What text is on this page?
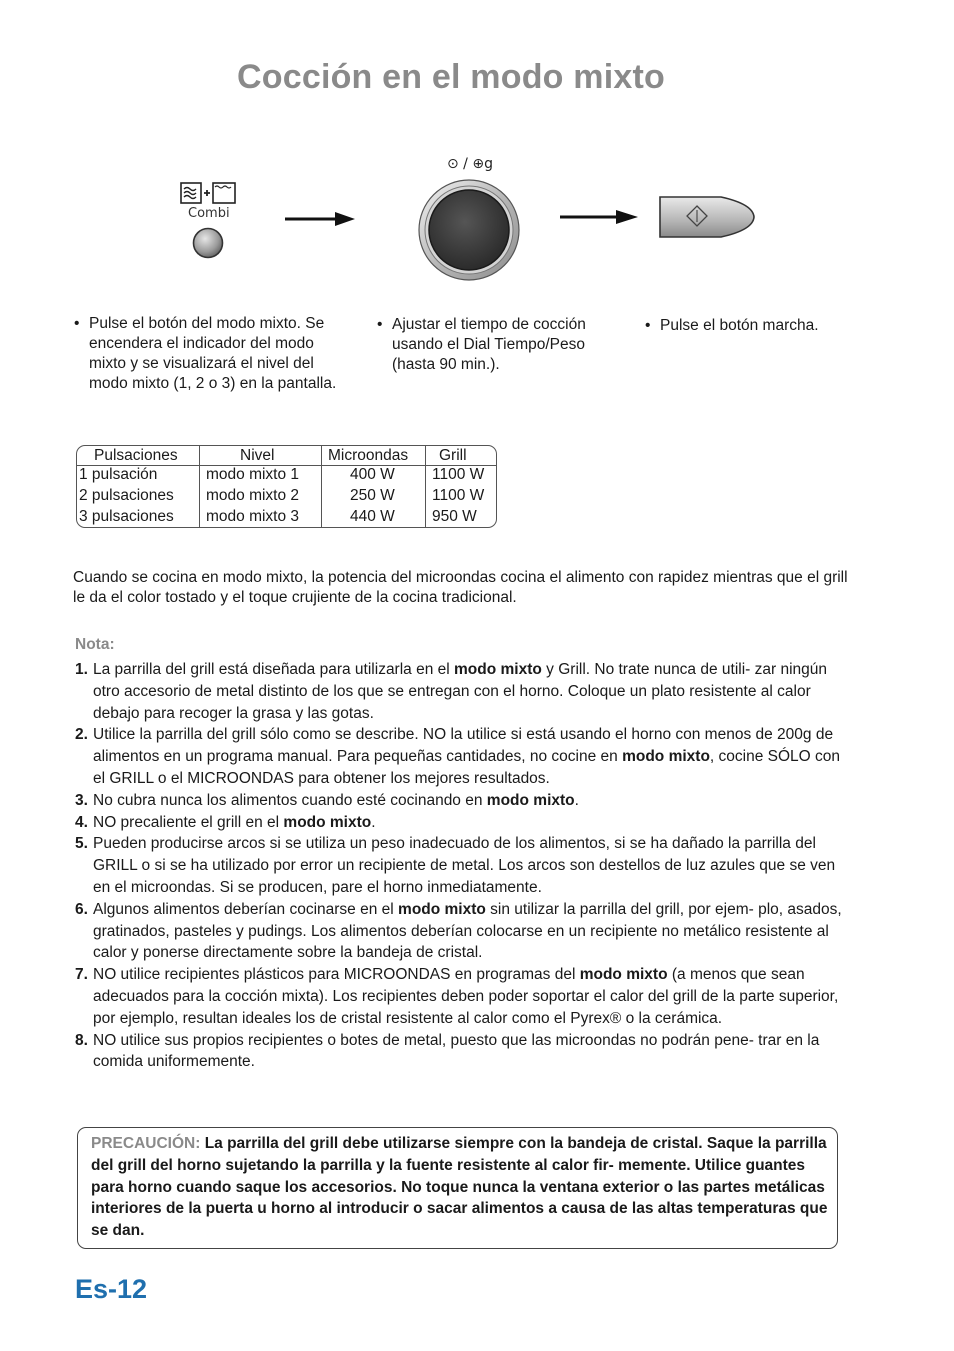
Cocción en el modo mixto
Combi
⊙ / ⊕g
• Pulse el botón del modo mixto. Se encendera el indicador del modo mixto y se visualizará el nivel del modo mixto (1, 2 o 3) en la pantalla.
• Ajustar el tiempo de cocción usando el Dial Tiempo/Peso (hasta 90 min.).
• Pulse el botón marcha.
Pulsaciones	Nivel	Microondas Grill
1 pulsación	modo mixto 1	400 W 1100 W
2 pulsaciones modo mixto 2	250 W 1100 W
3 pulsaciones modo mixto 3	440 W 950 W
Cuando se cocina en modo mixto, la potencia del microondas cocina el alimento con rapidez mientras que el grill le da el color tostado y el toque crujiente de la cocina tradicional.
Nota:
1. La parrilla del grill está diseñada para utilizarla en el modo mixto y Grill. No trate nunca de utili- zar ningún otro accesorio de metal distinto de los que se entregan con el horno. Coloque un plato resistente al calor debajo para recoger la grasa y las gotas.
2. Utilice la parrilla del grill sólo como se describe. NO la utilice si está usando el horno con menos de 200g de alimentos en un programa manual. Para pequeñas cantidades, no cocine en modo mixto, cocine SÓLO con el GRILL o el MICROONDAS para obtener los mejores resultados.
3. No cubra nunca los alimentos cuando esté cocinando en modo mixto.
4. NO precaliente el grill en el modo mixto.
5. Pueden producirse arcos si se utiliza un peso inadecuado de los alimentos, si se ha dañado la parrilla del GRILL o si se ha utilizado por error un recipiente de metal. Los arcos son destellos de luz azules que se ven en el microondas. Si se producen, pare el horno inmediatamente.
6. Algunos alimentos deberían cocinarse en el modo mixto sin utilizar la parrilla del grill, por ejem- plo, asados, gratinados, pasteles y pudings. Los alimentos deberían colocarse en un recipiente no metálico resistente al calor y ponerse directamente sobre la bandeja de cristal.
7. NO utilice recipientes plásticos para MICROONDAS en programas del modo mixto (a menos que sean adecuados para la cocción mixta). Los recipientes deben poder soportar el calor del grill de la parte superior, por ejemplo, resultan ideales los de cristal resistente al calor como el Pyrex® o la cerámica.
8. NO utilice sus propios recipientes o botes de metal, puesto que las microondas no podrán pene- trar en la comida uniformemente.
PRECAUCIÓN: La parrilla del grill debe utilizarse siempre con la bandeja de cristal. Saque la parrilla del grill del horno sujetando la parrilla y la fuente resistente al calor fir- memente. Utilice guantes para horno cuando saque los accesorios. No toque nunca la ventana exterior o las partes metálicas interiores de la puerta u horno al introducir o sacar alimentos a causa de las altas temperaturas que se dan.
Es-12
